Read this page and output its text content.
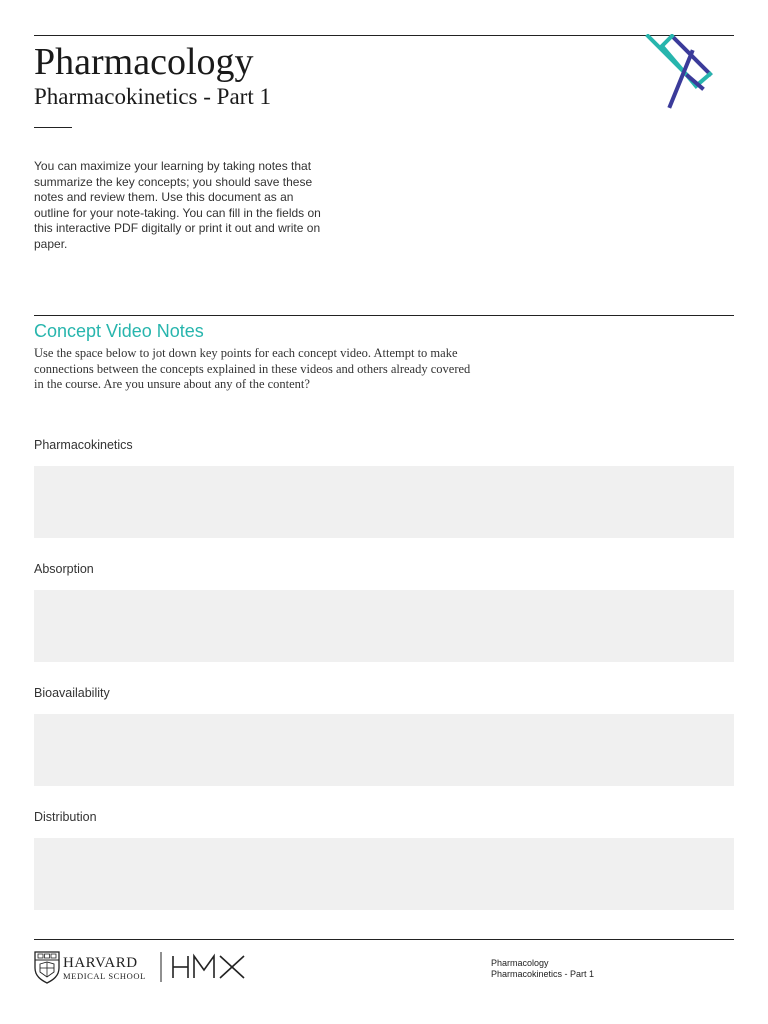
Pharmacology
Pharmacokinetics - Part 1

You can maximize your learning by taking notes that summarize the key concepts; you should save these notes and review them. Use this document as an outline for your note-taking. You can fill in the fields on this interactive PDF digitally or print it out and write on paper.

Concept Video Notes

Use the space below to jot down key points for each concept video. Attempt to make connections between the concepts explained in these videos and others already covered in the course. Are you unsure about any of the content?

Pharmacokinetics
Absorption
Bioavailability
Distribution
HARVARD
MEDICAL SCHOOL
Pharmacology
Pharmacokinetics - Part 1
